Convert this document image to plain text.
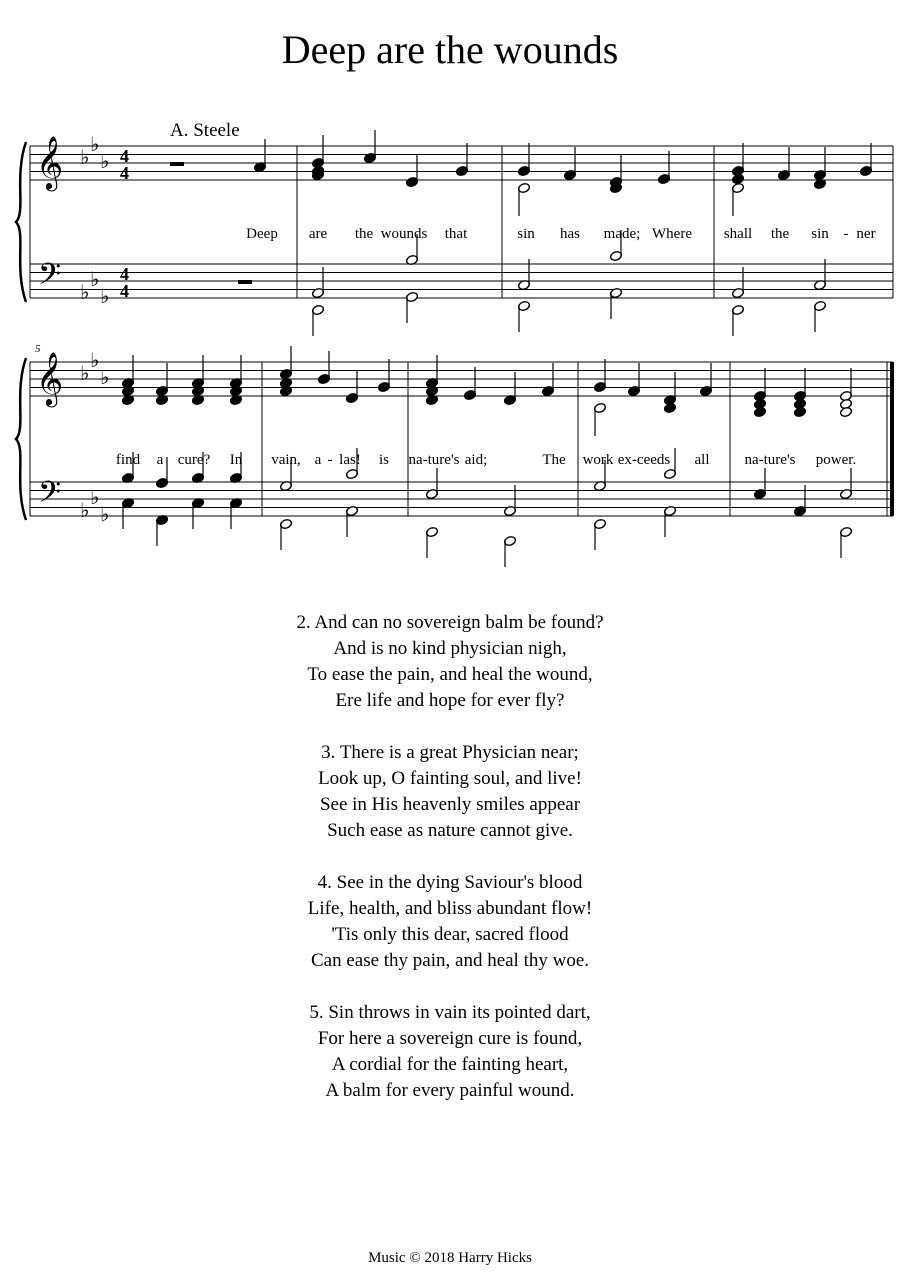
Deep are the wounds
A. Steele
5
𝄞
𝄢
♭
♭
♭
♭
♭
♭
4
4
4
4
Deep are the wounds that	sin has made; Where shall the sin - ner
𝄞
𝄢
♭
♭
♭
♭
♭
♭
find a cure? In vain, a - las! is na-ture's aid;	The work ex-ceeds all na-ture's power.
2. And can no sovereign balm be found?
And is no kind physician nigh,
To ease the pain, and heal the wound,
Ere life and hope for ever fly?
3. There is a great Physician near;
Look up, O fainting soul, and live!
See in His heavenly smiles appear
Such ease as nature cannot give.
4. See in the dying Saviour's blood
Life, health, and bliss abundant flow!
'Tis only this dear, sacred flood
Can ease thy pain, and heal thy woe.
5. Sin throws in vain its pointed dart,
For here a sovereign cure is found,
A cordial for the fainting heart,
A balm for every painful wound.
Music © 2018 Harry Hicks
